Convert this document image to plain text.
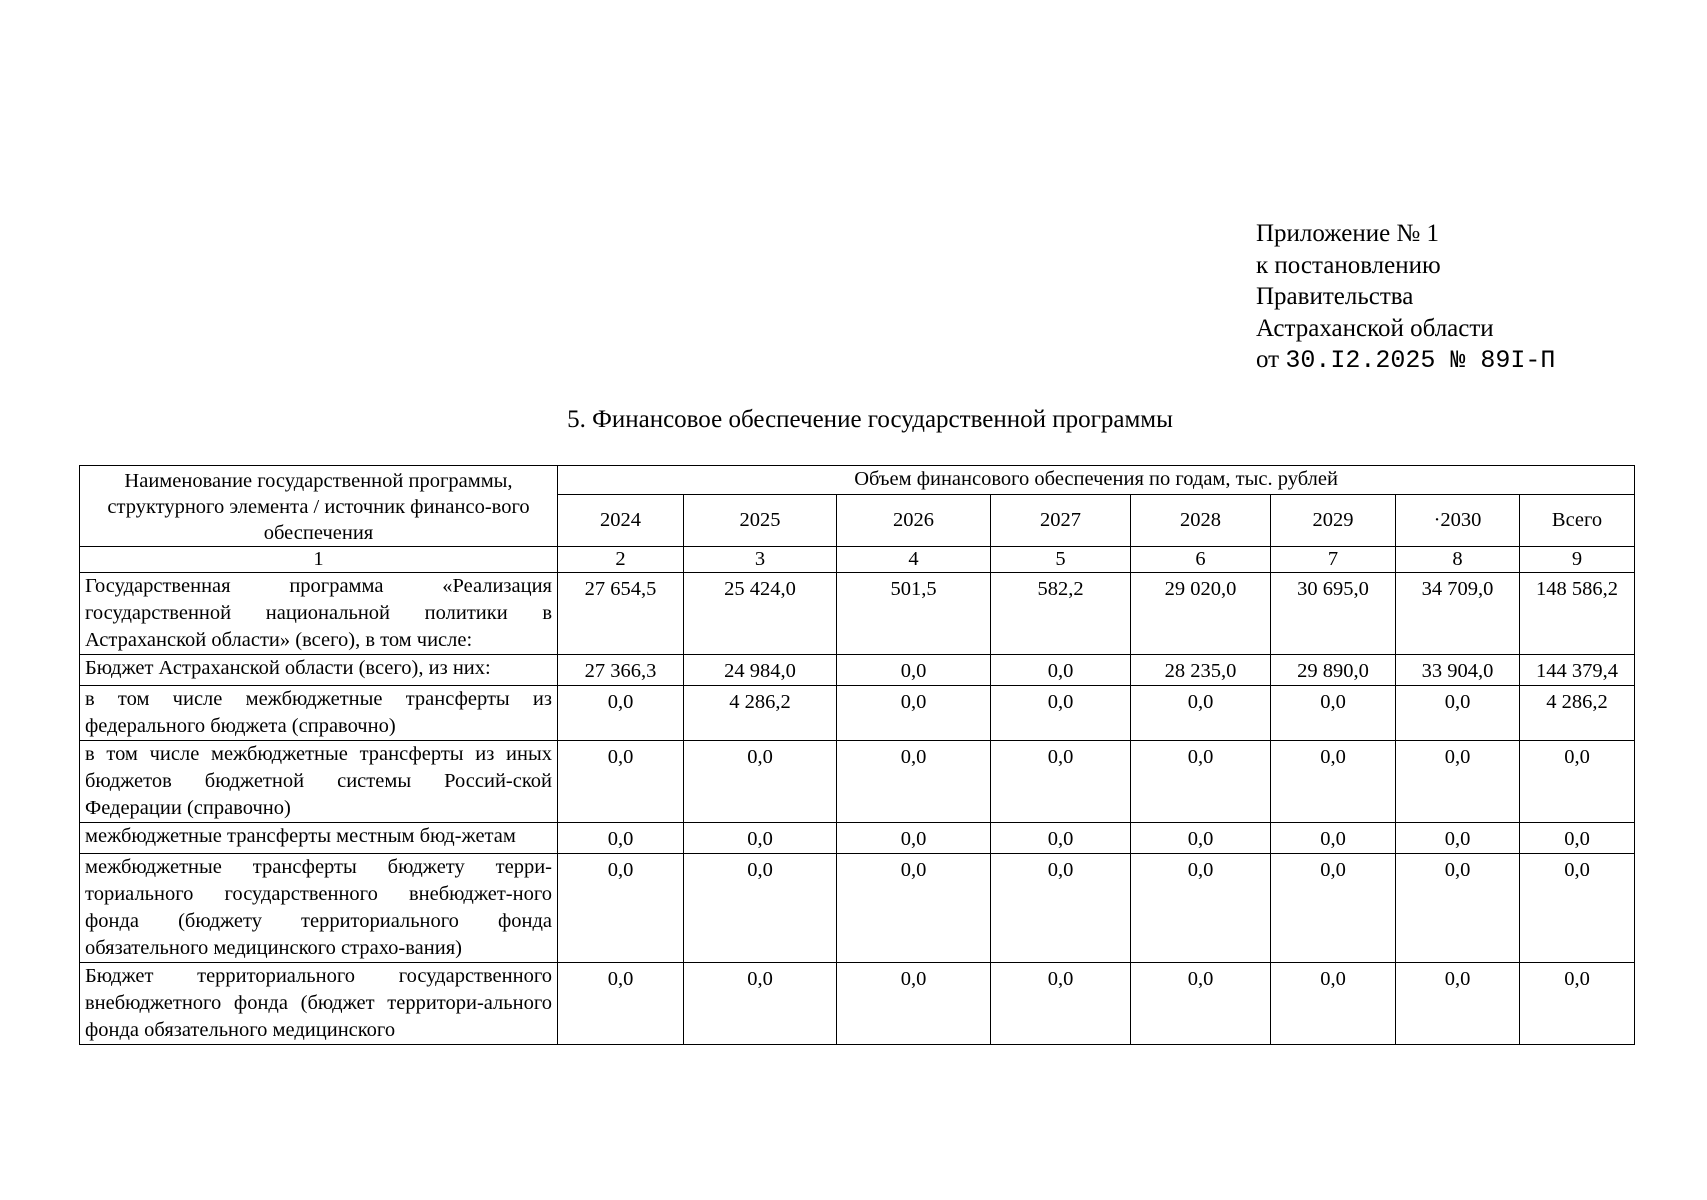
Приложение № 1
к постановлению
Правительства
Астраханской области
от 30.I2.2025 № 89I-П
5. Финансовое обеспечение государственной программы
Наименование государственной программы, структурного элемента / источник финансо-вого обеспечения	Объем финансового обеспечения по годам, тыс. рублей							
	2024	2025	2026	2027	2028	2029	·2030	Всего
1	2	3	4	5	6	7	8	9
Государственная программа «Реализация государственной национальной политики в Астраханской области» (всего), в том числе:	27 654,5	25 424,0	501,5	582,2	29 020,0	30 695,0	34 709,0	148 586,2
Бюджет Астраханской области (всего), из них:	27 366,3	24 984,0	0,0	0,0	28 235,0	29 890,0	33 904,0	144 379,4
в том числе межбюджетные трансферты из федерального бюджета (справочно)	0,0	4 286,2	0,0	0,0	0,0	0,0	0,0	4 286,2
в том числе межбюджетные трансферты из иных бюджетов бюджетной системы Россий-ской Федерации (справочно)	0,0	0,0	0,0	0,0	0,0	0,0	0,0	0,0
межбюджетные трансферты местным бюд-жетам	0,0	0,0	0,0	0,0	0,0	0,0	0,0	0,0
межбюджетные трансферты бюджету терри-ториального государственного внебюджет-ного фонда (бюджету территориального фонда обязательного медицинского страхо-вания)	0,0	0,0	0,0	0,0	0,0	0,0	0,0	0,0
Бюджет территориального государственного внебюджетного фонда (бюджет территори-ального фонда обязательного медицинского	0,0	0,0	0,0	0,0	0,0	0,0	0,0	0,0
